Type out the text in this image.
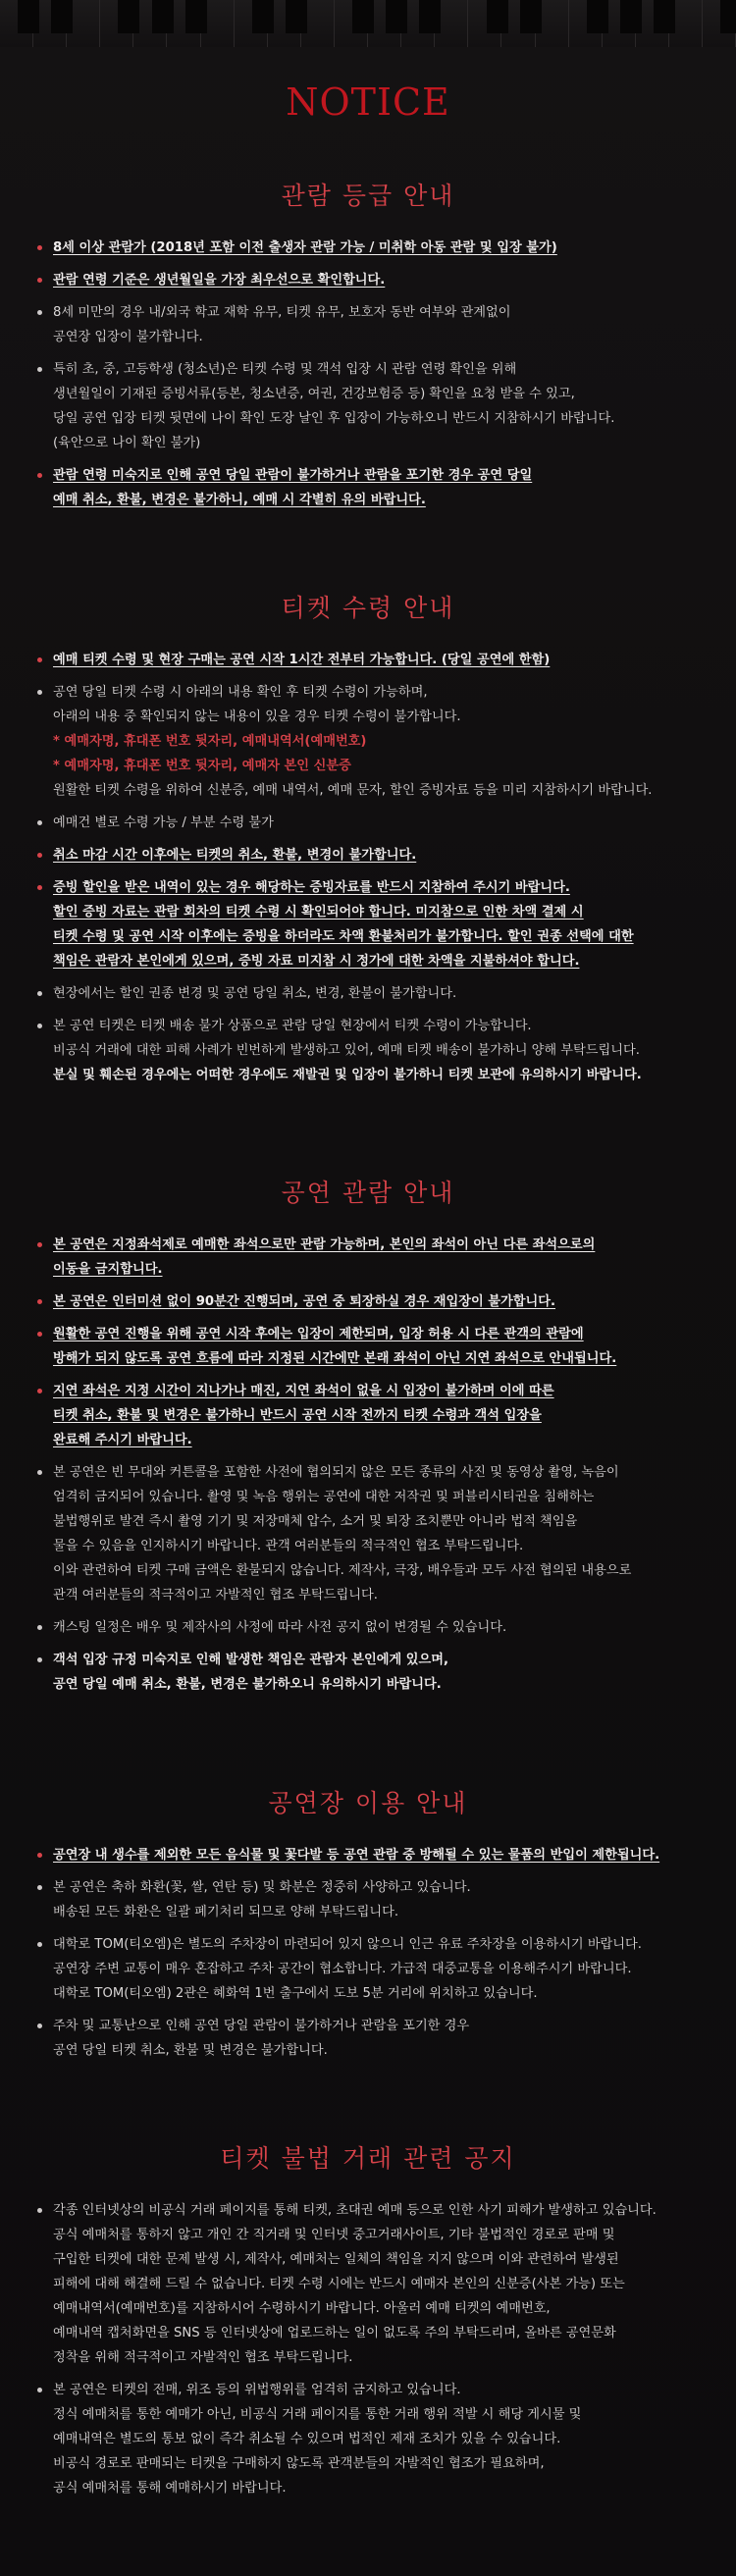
NOTICE
관람 등급 안내
8세 이상 관람가 (2018년 포함 이전 출생자 관람 가능 / 미취학 아동 관람 및 입장 불가)
관람 연령 기준은 생년월일을 가장 최우선으로 확인합니다.
8세 미만의 경우 내/외국 학교 재학 유무, 티켓 유무, 보호자 동반 여부와 관계없이
공연장 입장이 불가합니다.
특히 초, 중, 고등학생 (청소년)은 티켓 수령 및 객석 입장 시 관람 연령 확인을 위해
생년월일이 기재된 증빙서류(등본, 청소년증, 여권, 건강보험증 등) 확인을 요청 받을 수 있고,
당일 공연 입장 티켓 뒷면에 나이 확인 도장 날인 후 입장이 가능하오니 반드시 지참하시기 바랍니다.
(육안으로 나이 확인 불가)
관람 연령 미숙지로 인해 공연 당일 관람이 불가하거나 관람을 포기한 경우 공연 당일
예매 취소, 환불, 변경은 불가하니, 예매 시 각별히 유의 바랍니다.
티켓 수령 안내
예매 티켓 수령 및 현장 구매는 공연 시작 1시간 전부터 가능합니다. (당일 공연에 한함)
공연 당일 티켓 수령 시 아래의 내용 확인 후 티켓 수령이 가능하며,
아래의 내용 중 확인되지 않는 내용이 있을 경우 티켓 수령이 불가합니다.
* 예매자명, 휴대폰 번호 뒷자리, 예매내역서(예매번호)
* 예매자명, 휴대폰 번호 뒷자리, 예매자 본인 신분증
원활한 티켓 수령을 위하여 신분증, 예매 내역서, 예매 문자, 할인 증빙자료 등을 미리 지참하시기 바랍니다.
예매건 별로 수령 가능 / 부분 수령 불가
취소 마감 시간 이후에는 티켓의 취소, 환불, 변경이 불가합니다.
증빙 할인을 받은 내역이 있는 경우 해당하는 증빙자료를 반드시 지참하여 주시기 바랍니다.
할인 증빙 자료는 관람 회차의 티켓 수령 시 확인되어야 합니다. 미지참으로 인한 차액 결제 시
티켓 수령 및 공연 시작 이후에는 증빙을 하더라도 차액 환불처리가 불가합니다. 할인 권종 선택에 대한
책임은 관람자 본인에게 있으며, 증빙 자료 미지참 시 정가에 대한 차액을 지불하셔야 합니다.
현장에서는 할인 권종 변경 및 공연 당일 취소, 변경, 환불이 불가합니다.
본 공연 티켓은 티켓 배송 불가 상품으로 관람 당일 현장에서 티켓 수령이 가능합니다.
비공식 거래에 대한 피해 사례가 빈번하게 발생하고 있어, 예매 티켓 배송이 불가하니 양해 부탁드립니다.
분실 및 훼손된 경우에는 어떠한 경우에도 재발권 및 입장이 불가하니 티켓 보관에 유의하시기 바랍니다.
공연 관람 안내
본 공연은 지정좌석제로 예매한 좌석으로만 관람 가능하며, 본인의 좌석이 아닌 다른 좌석으로의
이동을 금지합니다.
본 공연은 인터미션 없이 90분간 진행되며, 공연 중 퇴장하실 경우 재입장이 불가합니다.
원활한 공연 진행을 위해 공연 시작 후에는 입장이 제한되며, 입장 허용 시 다른 관객의 관람에
방해가 되지 않도록 공연 흐름에 따라 지정된 시간에만 본래 좌석이 아닌 지연 좌석으로 안내됩니다.
지연 좌석은 지정 시간이 지나가나 매진, 지연 좌석이 없을 시 입장이 불가하며 이에 따른
티켓 취소, 환불 및 변경은 불가하니 반드시 공연 시작 전까지 티켓 수령과 객석 입장을
완료해 주시기 바랍니다.
본 공연은 빈 무대와 커튼콜을 포함한 사전에 협의되지 않은 모든 종류의 사진 및 동영상 촬영, 녹음이
엄격히 금지되어 있습니다. 촬영 및 녹음 행위는 공연에 대한 저작권 및 퍼블리시티권을 침해하는
불법행위로 발견 즉시 촬영 기기 및 저장매체 압수, 소거 및 퇴장 조치뿐만 아니라 법적 책임을
물을 수 있음을 인지하시기 바랍니다. 관객 여러분들의 적극적인 협조 부탁드립니다.
이와 관련하여 티켓 구매 금액은 환불되지 않습니다. 제작사, 극장, 배우들과 모두 사전 협의된 내용으로
관객 여러분들의 적극적이고 자발적인 협조 부탁드립니다.
캐스팅 일정은 배우 및 제작사의 사정에 따라 사전 공지 없이 변경될 수 있습니다.
객석 입장 규정 미숙지로 인해 발생한 책임은 관람자 본인에게 있으며,
공연 당일 예매 취소, 환불, 변경은 불가하오니 유의하시기 바랍니다.
공연장 이용 안내
공연장 내 생수를 제외한 모든 음식물 및 꽃다발 등 공연 관람 중 방해될 수 있는 물품의 반입이 제한됩니다.
본 공연은 축하 화환(꽃, 쌀, 연탄 등) 및 화분은 정중히 사양하고 있습니다.
배송된 모든 화환은 일괄 폐기처리 되므로 양해 부탁드립니다.
대학로 TOM(티오엠)은 별도의 주차장이 마련되어 있지 않으니 인근 유료 주차장을 이용하시기 바랍니다.
공연장 주변 교통이 매우 혼잡하고 주차 공간이 협소합니다. 가급적 대중교통을 이용해주시기 바랍니다.
대학로 TOM(티오엠) 2관은 혜화역 1번 출구에서 도보 5분 거리에 위치하고 있습니다.
주차 및 교통난으로 인해 공연 당일 관람이 불가하거나 관람을 포기한 경우
공연 당일 티켓 취소, 환불 및 변경은 불가합니다.
티켓 불법 거래 관련 공지
각종 인터넷상의 비공식 거래 페이지를 통해 티켓, 초대권 예매 등으로 인한 사기 피해가 발생하고 있습니다.
공식 예매처를 통하지 않고 개인 간 직거래 및 인터넷 중고거래사이트, 기타 불법적인 경로로 판매 및
구입한 티켓에 대한 문제 발생 시, 제작사, 예매처는 일체의 책임을 지지 않으며 이와 관련하여 발생된
피해에 대해 해결해 드릴 수 없습니다. 티켓 수령 시에는 반드시 예매자 본인의 신분증(사본 가능) 또는
예매내역서(예매번호)를 지참하시어 수령하시기 바랍니다. 아울러 예매 티켓의 예매번호,
예매내역 캡처화면을 SNS 등 인터넷상에 업로드하는 일이 없도록 주의 부탁드리며, 올바른 공연문화
정착을 위해 적극적이고 자발적인 협조 부탁드립니다.
본 공연은 티켓의 전매, 위조 등의 위법행위를 엄격히 금지하고 있습니다.
정식 예매처를 통한 예매가 아닌, 비공식 거래 페이지를 통한 거래 행위 적발 시 해당 게시물 및
예매내역은 별도의 통보 없이 즉각 취소될 수 있으며 법적인 제재 조치가 있을 수 있습니다.
비공식 경로로 판매되는 티켓을 구매하지 않도록 관객분들의 자발적인 협조가 필요하며,
공식 예매처를 통해 예매하시기 바랍니다.
